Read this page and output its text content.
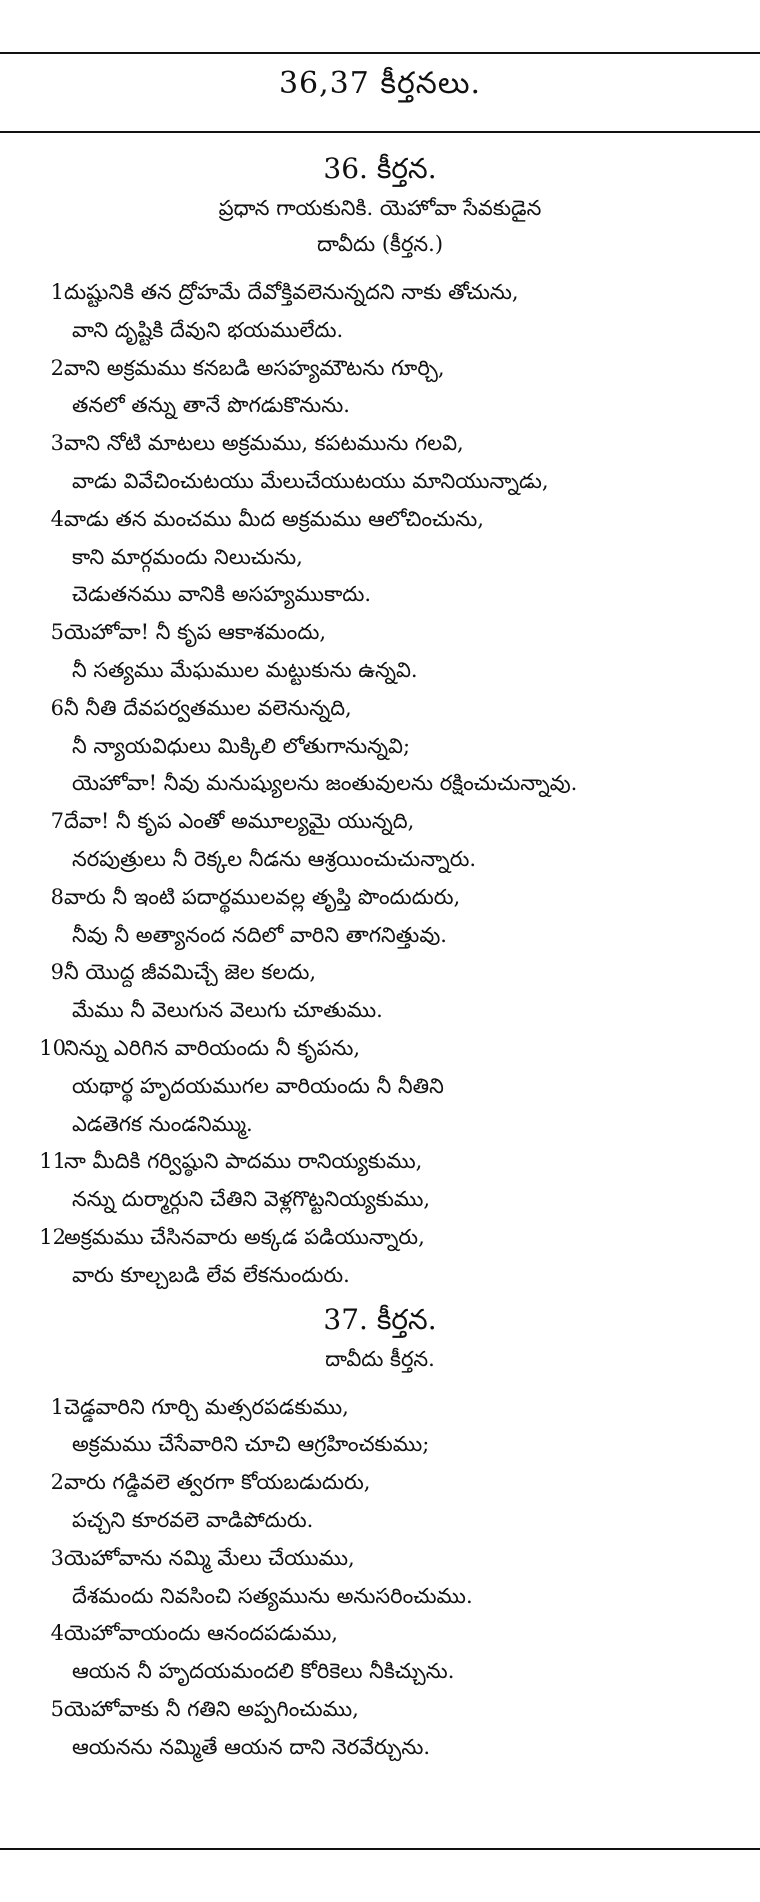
36,37 కీర్తనలు.
36. కీర్తన.
ప్రధాన గాయకునికి. యెహోవా సేవకుడైన
దావీదు (కీర్తన.)
1 దుష్టునికి తన ద్రోహమే దేవోక్తివలెనున్నదని నాకు తోచును,
వాని దృష్టికి దేవుని భయములేదు.
2 వాని అక్రమము కనబడి అసహ్యమౌటను గూర్చి,
తనలో తన్ను తానే పొగడుకొనును.
3 వాని నోటి మాటలు అక్రమము, కపటమును గలవి,
వాడు వివేచించుటయు మేలుచేయుటయు మానియున్నాడు,
4 వాడు తన మంచము మీద అక్రమము ఆలోచించును,
కాని మార్గమందు నిలుచును,
చెడుతనము వానికి అసహ్యముకాదు.
5 యెహోవా! నీ కృప ఆకాశమందు,
నీ సత్యము మేఘముల మట్టుకును ఉన్నవి.
6 నీ నీతి దేవపర్వతముల వలెనున్నది,
నీ న్యాయవిధులు మిక్కిలి లోతుగానున్నవి;
యెహోవా! నీవు మనుష్యులను జంతువులను రక్షించుచున్నావు.
7 దేవా! నీ కృప ఎంతో అమూల్యమై యున్నది,
నరపుత్రులు నీ రెక్కల నీడను ఆశ్రయించుచున్నారు.
8 వారు నీ ఇంటి పదార్థములవల్ల తృప్తి పొందుదురు,
నీవు నీ అత్యానంద నదిలో వారిని తాగనిత్తువు.
9 నీ యొద్ద జీవమిచ్చే జెల కలదు,
మేము నీ వెలుగున వెలుగు చూతుము.
10
నిన్ను ఎరిగిన వారియందు నీ కృపను,
యథార్థ హృదయముగల వారియందు నీ నీతిని
ఎడతెగక నుండనిమ్ము.
11
నా మీదికి గర్విష్ఠుని పాదము రానియ్యకుము,
నన్ను దుర్మార్గుని చేతిని వెళ్లగొట్టనియ్యకుము,
12
అక్రమము చేసినవారు అక్కడ పడియున్నారు,
వారు కూల్చబడి లేవ లేకనుందురు.
37. కీర్తన.
దావీదు కీర్తన.
1 చెడ్డవారిని గూర్చి మత్సరపడకుము,
అక్రమము చేసేవారిని చూచి ఆగ్రహించకుము;
2 వారు గడ్డివలె త్వరగా కోయబడుదురు,
పచ్చని కూరవలె వాడిపోదురు.
3 యెహోవాను నమ్మి మేలు చేయుము,
దేశమందు నివసించి సత్యమును అనుసరించుము.
4 యెహోవాయందు ఆనందపడుము,
ఆయన నీ హృదయమందలి కోరికెలు నీకిచ్చును.
5 యెహోవాకు నీ గతిని అప్పగించుము,
ఆయనను నమ్మితే ఆయన దాని నెరవేర్చును.
